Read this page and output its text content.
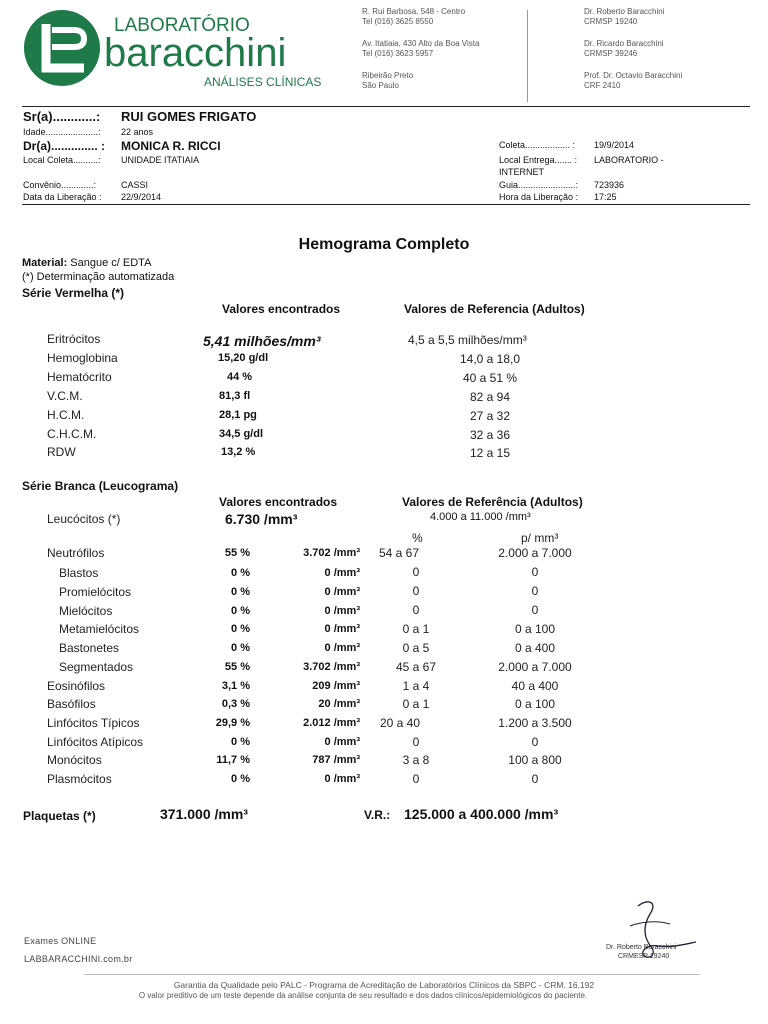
LABORATÓRIO
baracchini
ANÁLISES CLÍNICAS
R. Rui Barbosa, 548 - Centro
Tel (016) 3625 8550
Av. Itatiaia, 430 Alto da Boa Vista
Tel (016) 3623 5957
Ribeirão Preto
São Paulo
Dr. Roberto Baracchini
CRMSP 19240
Dr. Ricardo Baracchini
CRMSP 39246
Prof. Dr. Octavio Baracchini
CRF 2410
Sr(a)............: RUI GOMES FRIGATO
Idade.....................: 22 anos
Dr(a).............. : MONICA R. RICCI
Local Coleta..........: UNIDADE ITATIAIA
Convênio.............:	CASSI
Data da Liberação : 22/9/2014
Coleta.................. : 19/9/2014
Local Entrega....... : LABORATORIO -
INTERNET
Guia.......................: 723936
Hora da Liberação : 17:25
Hemograma Completo
Material: Sangue c/ EDTA
(*) Determinação automatizada
Série Vermelha (*)
Valores encontrados	Valores de Referencia (Adultos)
Eritrócitos	5,41 milhões/mm³	4,5 a 5,5 milhões/mm³
Hemoglobina	15,20 g/dl	14,0 a 18,0
Hematócrito	44 %	40 a 51 %
V.C.M.	81,3 fl	82 a 94
H.C.M.	28,1 pg	27 a 32
C.H.C.M.	34,5 g/dl	32 a 36
RDW	13,2 %	12 a 15
Série Branca (Leucograma)
Valores encontrados	Valores de Referência (Adultos)
Leucócitos (*)	6.730 /mm³	4.000 a 11.000 /mm³
%	p/ mm³
Neutrófilos	55 %	3.702 /mm³	54 a 67	2.000 a 7.000
Blastos	0 %	0 /mm³	0	0
Promielócitos	0 %	0 /mm³	0	0
Mielócitos	0 %	0 /mm³	0	0
Metamielócitos	0 %	0 /mm³	0 a 1	0 a 100
Bastonetes	0 %	0 /mm³	0 a 5	0 a 400
Segmentados	55 %	3.702 /mm³	45 a 67	2.000 a 7.000
Eosinófilos	3,1 %	209 /mm³	1 a 4	40 a 400
Basófilos	0,3 %	20 /mm³	0 a 1	0 a 100
Linfócitos Típicos	29,9 %	2.012 /mm³	20 a 40	1.200 a 3.500
Linfócitos Atípicos	0 %	0 /mm³	0	0
Monócitos	11,7 %	787 /mm³	3 a 8	100 a 800
Plasmócitos	0 %	0 /mm³	0	0
Plaquetas (*)	371.000 /mm³	V.R.: 125.000 a 400.000 /mm³
Exames ONLINE
LABBARACCHINI.com.br
Dr. Roberto Baracchini
CRMESP 19240
Garantia da Qualidade pelo PALC - Programa de Acreditação de Laboratórios Clínicos da SBPC - CRM. 16.192
O valor preditivo de um teste depende da análise conjunta de seu resultado e dos dados clínicos/epidemiológicos do paciente.
